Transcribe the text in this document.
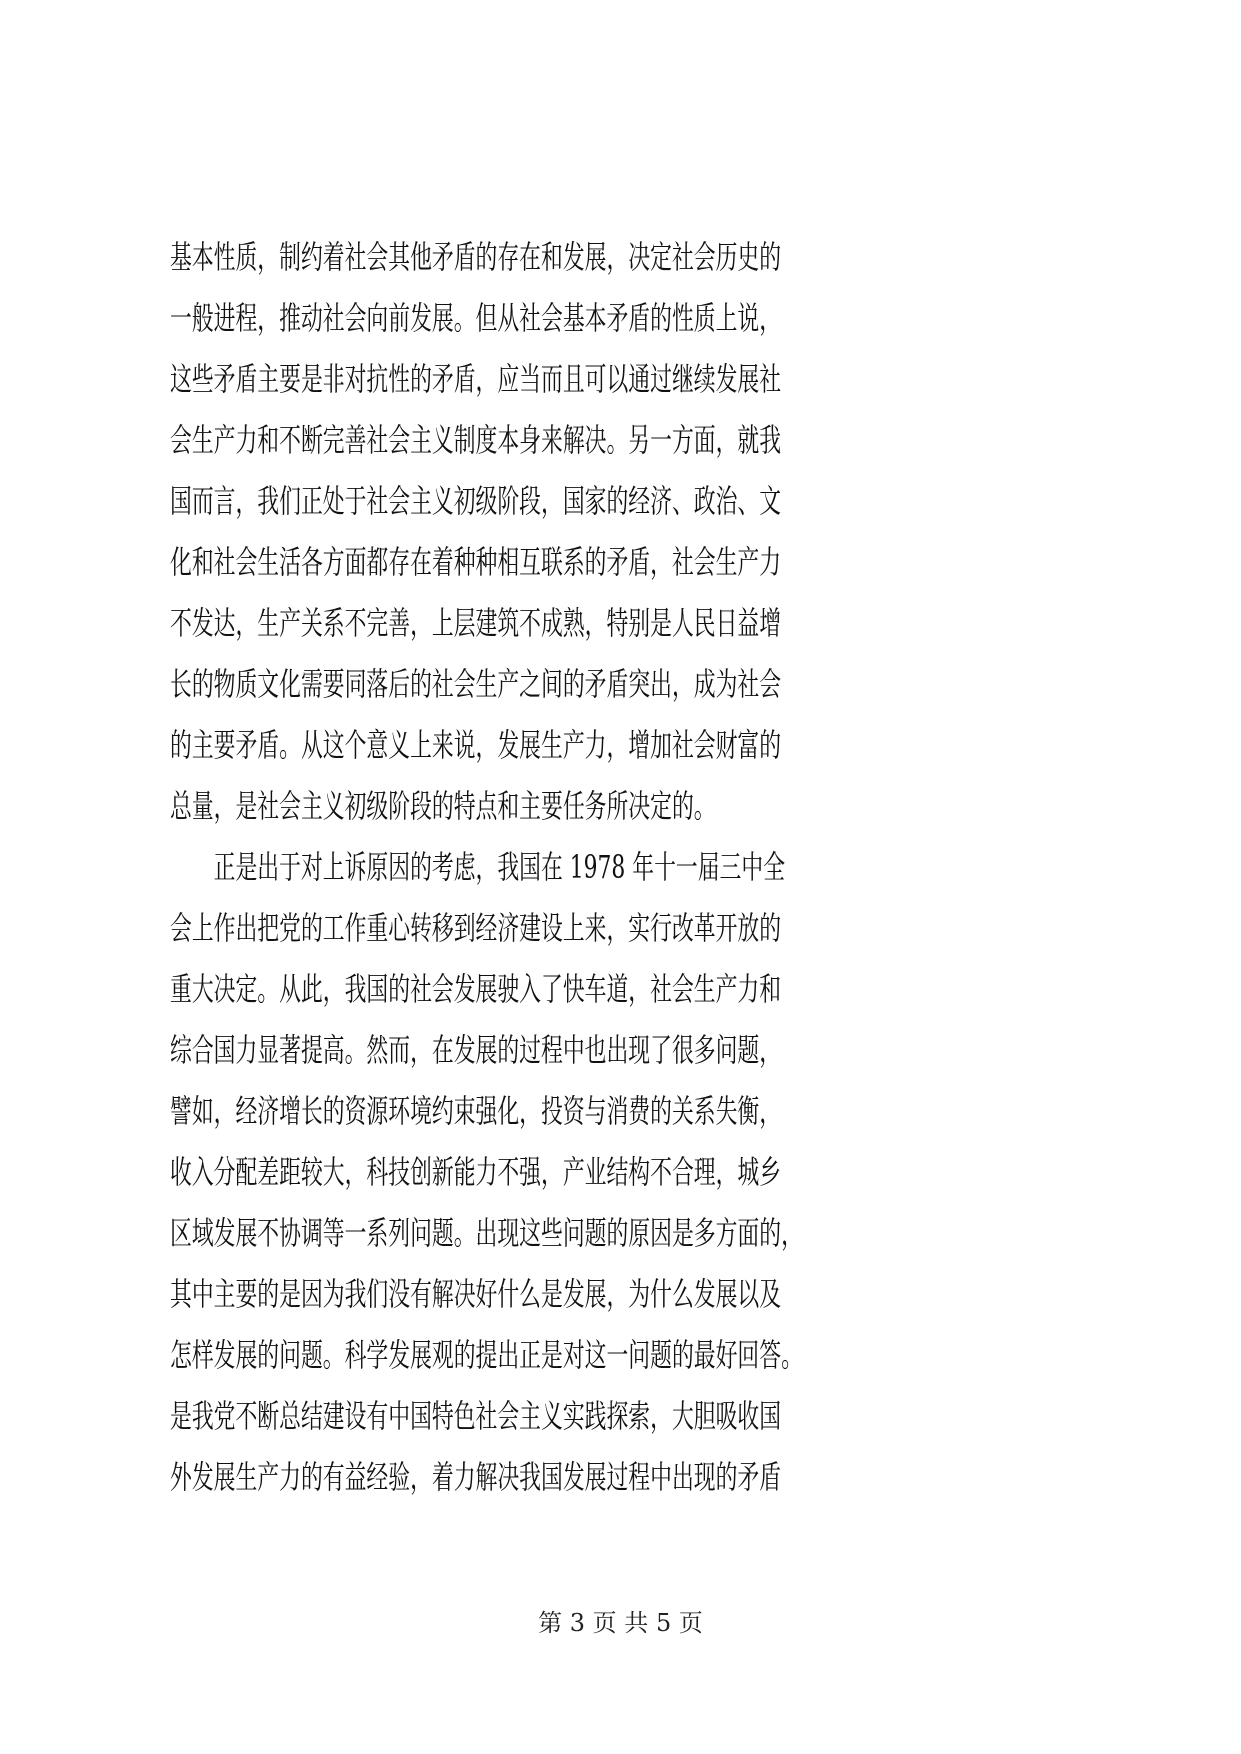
基本性质，制约着社会其他矛盾的存在和发展，决定社会历史的
一般进程，推动社会向前发展。但从社会基本矛盾的性质上说，
这些矛盾主要是非对抗性的矛盾，应当而且可以通过继续发展社
会生产力和不断完善社会主义制度本身来解决。另一方面，就我
国而言，我们正处于社会主义初级阶段，国家的经济、政治、文
化和社会生活各方面都存在着种种相互联系的矛盾，社会生产力
不发达，生产关系不完善，上层建筑不成熟，特别是人民日益增
长的物质文化需要同落后的社会生产之间的矛盾突出，成为社会
的主要矛盾。从这个意义上来说，发展生产力，增加社会财富的
总量，是社会主义初级阶段的特点和主要任务所决定的。
正是出于对上诉原因的考虑，我国在 1978 年十一届三中全
会上作出把党的工作重心转移到经济建设上来，实行改革开放的
重大决定。从此，我国的社会发展驶入了快车道，社会生产力和
综合国力显著提高。然而，在发展的过程中也出现了很多问题，
譬如，经济增长的资源环境约束强化，投资与消费的关系失衡，
收入分配差距较大，科技创新能力不强，产业结构不合理，城乡
区域发展不协调等一系列问题。出现这些问题的原因是多方面的，
其中主要的是因为我们没有解决好什么是发展，为什么发展以及
怎样发展的问题。科学发展观的提出正是对这一问题的最好回答。
是我党不断总结建设有中国特色社会主义实践探索，大胆吸收国
外发展生产力的有益经验，着力解决我国发展过程中出现的矛盾
第 3 页 共 5 页
